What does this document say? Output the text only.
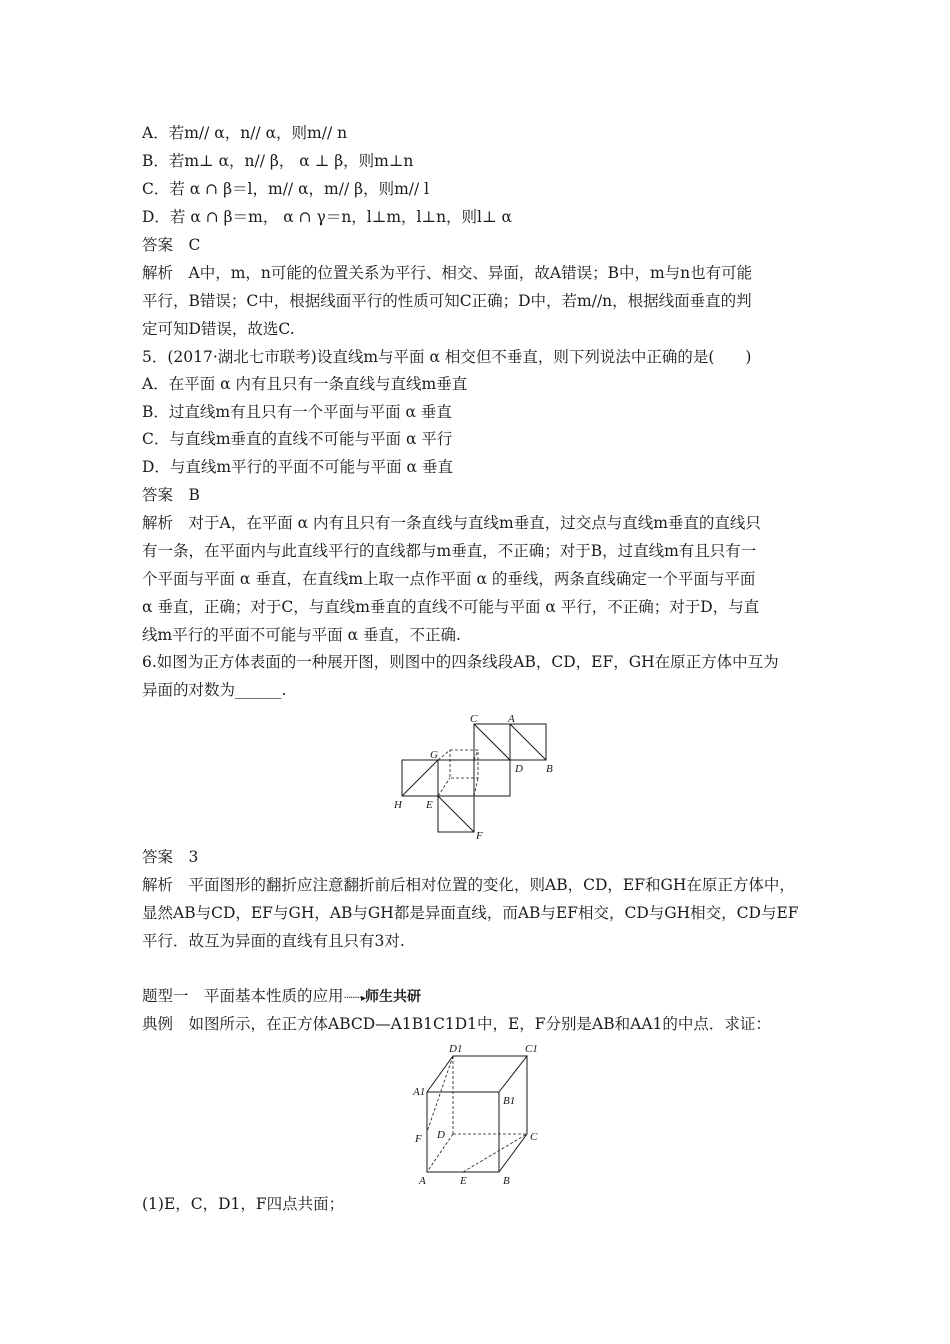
A．若m// α，n// α，则m// n
B．若m⊥ α，n// β， α ⊥ β，则m⊥n
C．若 α ∩ β＝l，m// α，m// β，则m// l
D．若 α ∩ β＝m， α ∩ γ＝n，l⊥m，l⊥n，则l⊥ α
答案　C
解析　A中，m，n可能的位置关系为平行、相交、异面，故A错误；B中，m与n也有可能
平行，B错误；C中，根据线面平行的性质可知C正确；D中，若m//n，根据线面垂直的判
定可知D错误，故选C.
5．(2017·湖北七市联考)设直线m与平面 α 相交但不垂直，则下列说法中正确的是(　　)
A．在平面 α 内有且只有一条直线与直线m垂直
B．过直线m有且只有一个平面与平面 α 垂直
C．与直线m垂直的直线不可能与平面 α 平行
D．与直线m平行的平面不可能与平面 α 垂直
答案　B
解析　对于A，在平面 α 内有且只有一条直线与直线m垂直，过交点与直线m垂直的直线只
有一条，在平面内与此直线平行的直线都与m垂直，不正确；对于B，过直线m有且只有一
个平面与平面 α 垂直，在直线m上取一点作平面 α 的垂线，两条直线确定一个平面与平面
α 垂直，正确；对于C，与直线m垂直的直线不可能与平面 α 平行，不正确；对于D，与直
线m平行的平面不可能与平面 α 垂直，不正确.
6.如图为正方体表面的一种展开图，则图中的四条线段AB，CD，EF，GH在原正方体中互为
异面的对数为______.
C	A
G
D B
H E
F
答案　3
解析　平面图形的翻折应注意翻折前后相对位置的变化，则AB，CD，EF和GH在原正方体中，
显然AB与CD，EF与GH，AB与GH都是异面直线，而AB与EF相交，CD与GH相交，CD与EF
平行．故互为异面的直线有且只有3对.
题型一　平面基本性质的应用········▸师生共研
典例　如图所示，在正方体ABCD—A1B1C1D1中，E，F分别是AB和AA1的中点．求证：
D1	C1
A1
B1
D	C
F
A	E	B
(1)E，C，D1，F四点共面；
